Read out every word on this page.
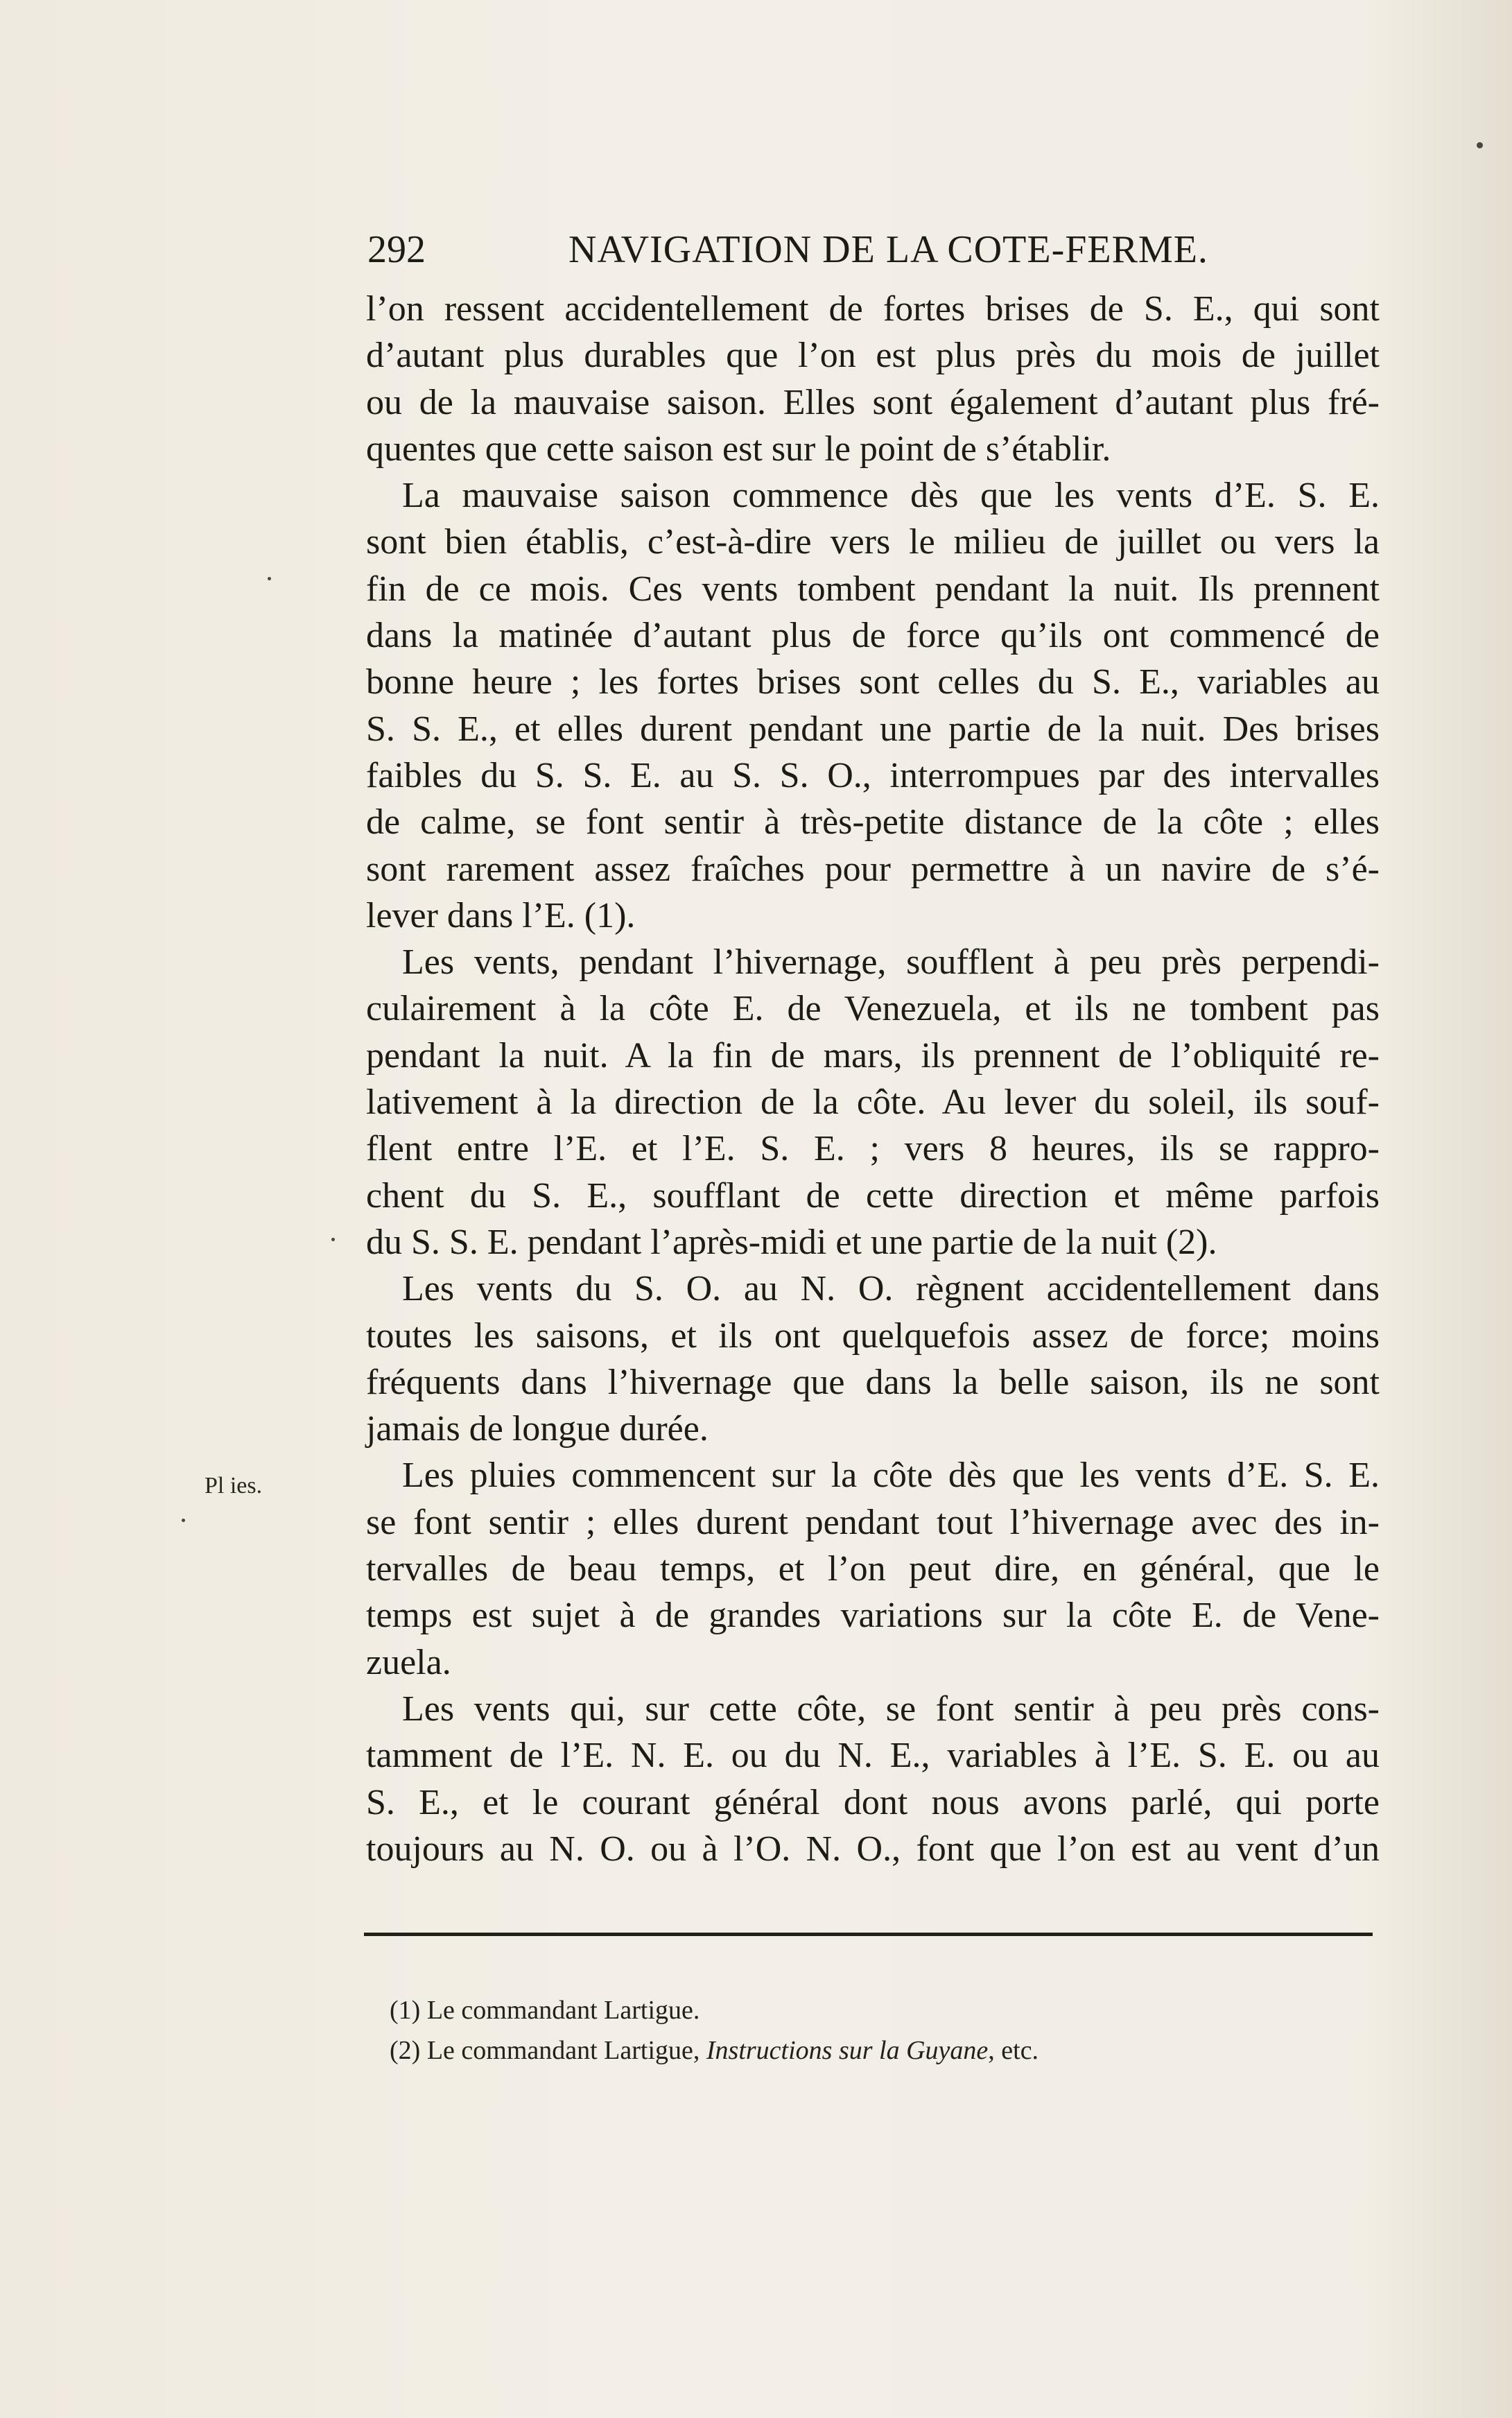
292	NAVIGATION DE LA COTE-FERME.
l’on ressent accidentellement de fortes brises de S. E., qui sont
d’autant plus durables que l’on est plus près du mois de juillet
ou de la mauvaise saison. Elles sont également d’autant plus fré-
quentes que cette saison est sur le point de s’établir.
La mauvaise saison commence dès que les vents d’E. S. E.
sont bien établis, c’est-à-dire vers le milieu de juillet ou vers la
fin de ce mois. Ces vents tombent pendant la nuit. Ils prennent
dans la matinée d’autant plus de force qu’ils ont commencé de
bonne heure ; les fortes brises sont celles du S. E., variables au
S. S. E., et elles durent pendant une partie de la nuit. Des brises
faibles du S. S. E. au S. S. O., interrompues par des intervalles
de calme, se font sentir à très-petite distance de la côte ; elles
sont rarement assez fraîches pour permettre à un navire de s’é-
lever dans l’E. (1).
Les vents, pendant l’hivernage, soufflent à peu près perpendi-
culairement à la côte E. de Venezuela, et ils ne tombent pas
pendant la nuit. A la fin de mars, ils prennent de l’obliquité re-
lativement à la direction de la côte. Au lever du soleil, ils souf-
flent entre l’E. et l’E. S. E. ; vers 8 heures, ils se rappro-
chent du S. E., soufflant de cette direction et même parfois
du S. S. E. pendant l’après-midi et une partie de la nuit (2).
Les vents du S. O. au N. O. règnent accidentellement dans
toutes les saisons, et ils ont quelquefois assez de force; moins
fréquents dans l’hivernage que dans la belle saison, ils ne sont
jamais de longue durée.
Les pluies commencent sur la côte dès que les vents d’E. S. E.
se font sentir ; elles durent pendant tout l’hivernage avec des in-
tervalles de beau temps, et l’on peut dire, en général, que le
temps est sujet à de grandes variations sur la côte E. de Vene-
zuela.
Les vents qui, sur cette côte, se font sentir à peu près cons-
tamment de l’E. N. E. ou du N. E., variables à l’E. S. E. ou au
S. E., et le courant général dont nous avons parlé, qui porte
toujours au N. O. ou à l’O. N. O., font que l’on est au vent d’un
Pl ies.
(1) Le commandant Lartigue.
(2) Le commandant Lartigue, Instructions sur la Guyane, etc.
